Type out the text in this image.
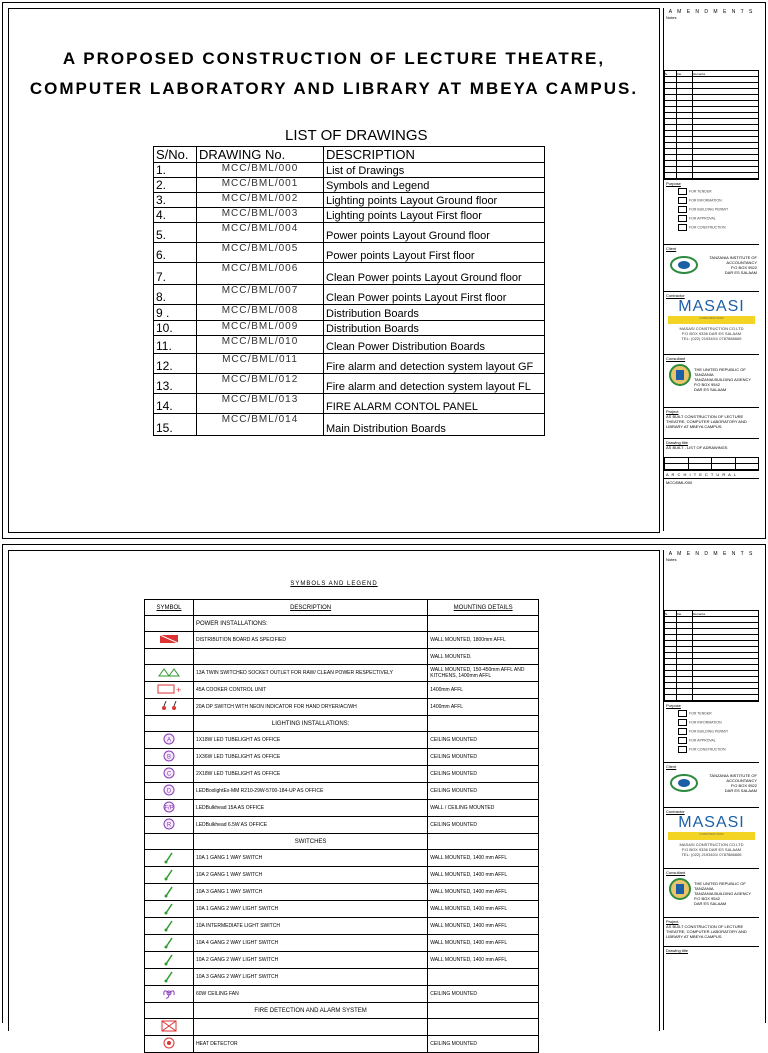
A PROPOSED CONSTRUCTION OF LECTURE THEATRE,
COMPUTER LABORATORY AND LIBRARY AT MBEYA CAMPUS.
LIST OF DRAWINGS
S/No.	DRAWING No.	DESCRIPTION
1.	MCC/BML/000	List of Drawings
2.	MCC/BML/001	Symbols and Legend
3.	MCC/BML/002	Lighting points Layout Ground floor
4.	MCC/BML/003	Lighting points Layout First floor
5.	MCC/BML/004	Power points Layout Ground floor
6.	MCC/BML/005	Power points Layout First floor
7.	MCC/BML/006	Clean Power points Layout Ground floor
8.	MCC/BML/007	Clean Power points Layout First floor
9 .	MCC/BML/008	Distribution Boards
10.	MCC/BML/009	Distribution Boards
11.	MCC/BML/010	Clean Power Distribution Boards
12.	MCC/BML/011	Fire alarm and detection system layout GF
13.	MCC/BML/012	Fire alarm and detection system layout FL
14.	MCC/BML/013	FIRE ALARM CONTOL PANEL
15.	MCC/BML/014	Main Distribution Boards
A M E N D M E N T S
Notes
N.	Dte	Remarks

Purpose
FOR TENDER
FOR INFORMATION
FOR BUILDING PERMIT
FOR APPROVAL
FOR CONSTRUCTION
Client
TANZANIA INSTITUTE OF ACCOUNTANCY
P.O BOX 9522
DAR ES SALAAM
Contractor
MASASI
CONSTRUCTION
MASASI CONSTRUCTION CO.LTD
P.O BOX 9336 DAR ES SALAAM
TEL: (022) 2193401/ 0787886665
Consultant
THE UNITED REPUBLIC OF TANZANIA
TANZANIA BUILDING AGENCY
P.O BOX 9542
DAR ES SALAAM
Project
AS BUILT CONSTRUCTION OF LECTURE THEATRE, COMPUTER LABORATORY AND LIBRARY AT MBEYA CAMPUS.
Drawing title
AS BUILT - LIST OF ADRAWINGS

A R C H I T E C T U R A L
MCC/BML/000
SYMBOLS AND LEGEND
SYMBOL	DESCRIPTION	MOUNTING DETAILS
	POWER INSTALLATIONS:	
	DISTRIBUTION BOARD AS SPECIFIED	WALL MOUNTED, 1800mm AFFL
		WALL MOUNTED.
	13A TWIN SWITCHED SOCKET OUTLET FOR RAW/ CLEAN POWER RESPECTIVELY	WALL MOUNTED, 150-450mm AFFL AND KITCHENS, 1400mm AFFL

+	45A COOKER CONTROL UNIT	1400mm AFFL
	20A DP SWITCH WITH NEON INDICATOR FOR HAND DRYER/AC/WH	1400mm AFFL
	LIGHTING INSTALLATIONS:	

A	1X18W LED TUBELIGHT AS OFFICE	CEILING MOUNTED

B	1X36W LED TUBELIGHT AS OFFICE	CEILING MOUNTED

C	2X18W LED TUBELIGHT AS OFFICE	CEILING MOUNTED

D	LEDBoxlightEx-MM R210-29W-5700-184-UP AS OFFICE	CEILING MOUNTED

F/P	LEDBulkhead 15A AS OFFICE	WALL / CEILING MOUNTED

R	LEDBulkhead 6.5W AS OFFICE	CEILING MOUNTED
	SWITCHES	
	10A 1 GANG 1 WAY SWITCH	WALL MOUNTED, 1400 mm AFFL
	10A 2 GANG 1 WAY SWITCH	WALL MOUNTED, 1400 mm AFFL
	10A 3 GANG 1 WAY SWITCH	WALL MOUNTED, 1400 mm AFFL
	10A 1 GANG 2 WAY LIGHT SWITCH	WALL MOUNTED, 1400 mm AFFL
	10A INTERMEDIATE LIGHT SWITCH	WALL MOUNTED, 1400 mm AFFL
	10A 4 GANG 2 WAY LIGHT SWITCH	WALL MOUNTED, 1400 mm AFFL
	10A 2 GANG 2 WAY LIGHT SWITCH	WALL MOUNTED, 1400 mm AFFL
	10A 3 GANG 2 WAY LIGHT SWITCH	
	60W CEILING FAN	CEILING MOUNTED
	FIRE DETECTION AND ALARM SYSTEM	

	HEAT DETECTOR	CEILING MOUNTED
A M E N D M E N T S
Notes
N.	Dte	Remarks

Purpose
FOR TENDER
FOR INFORMATION
FOR BUILDING PERMIT
FOR APPROVAL
FOR CONSTRUCTION
Client
TANZANIA INSTITUTE OF ACCOUNTANCY
P.O BOX 9522
DAR ES SALAAM
Contractor
MASASI
CONSTRUCTION
MASASI CONSTRUCTION CO.LTD
P.O BOX 9336 DAR ES SALAAM
TEL: (022) 2193401/ 0787886665
Consultant
THE UNITED REPUBLIC OF TANZANIA
TANZANIA BUILDING AGENCY
P.O BOX 9542
DAR ES SALAAM
Project
AS BUILT CONSTRUCTION OF LECTURE THEATRE, COMPUTER LABORATORY AND LIBRARY AT MBEYA CAMPUS.
Drawing title
